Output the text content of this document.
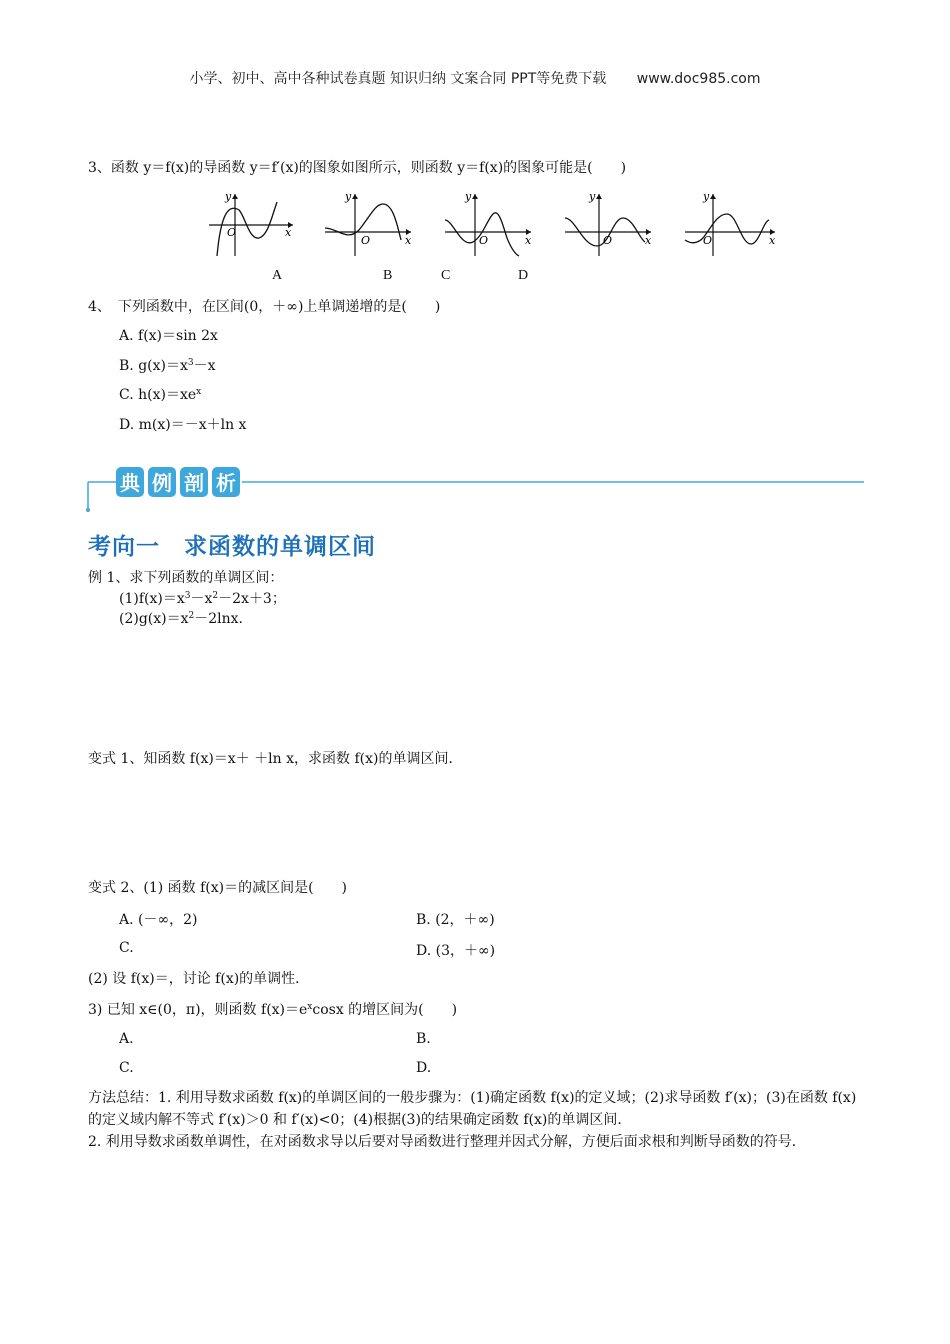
小学、初中、高中各种试卷真题 知识归纳 文案合同 PPT等免费下载 www.doc985.com
3、函数 y＝f(x)的导函数 y＝f′(x)的图象如图所示，则函数 y＝f(x)的图象可能是(　　)
y
x
O
y
x
O
y
x
O
y
x
O
y
x
O
A	B	C	D
4、　下列函数中，在区间(0，＋∞)上单调递增的是(　　)
A. f(x)＝sin 2x
B. $g(x)=x^3-x$
C. $h(x)=xe^x$
D. m(x)＝－x＋ln x
典 例 剖 析
考向一　求函数的单调区间
例 1、求下列函数的单调区间：
$(1)f(x)=x^3-x^2-2x+3$；
$(2)g(x)=x^2-2\ln x$.
变式 1、知函数 f(x)＝x＋ ＋ln x，求函数 f(x)的单调区间．
变式 2、(1) 函数 f(x)＝的减区间是(　　)
A. (－∞，2)	B. (2，＋∞)
C.	D. (3，＋∞)
(2) 设 f(x)＝，讨论 f(x)的单调性．
3) 已知 x∈(0，π)，则函数 $f(x)=e^x\cos x$ 的增区间为(　　)
A.	B.
C.	D.
方法总结：1. 利用导数求函数 f(x)的单调区间的一般步骤为：(1)确定函数 f(x)的定义域；(2)求导函数 f′(x)；(3)在函数 f(x)的定义域内解不等式 f′(x)＞0 和 f′(x)<0；(4)根据(3)的结果确定函数 f(x)的单调区间．
2. 利用导数求函数单调性，在对函数求导以后要对导函数进行整理并因式分解，方便后面求根和判断导函数的符号．
